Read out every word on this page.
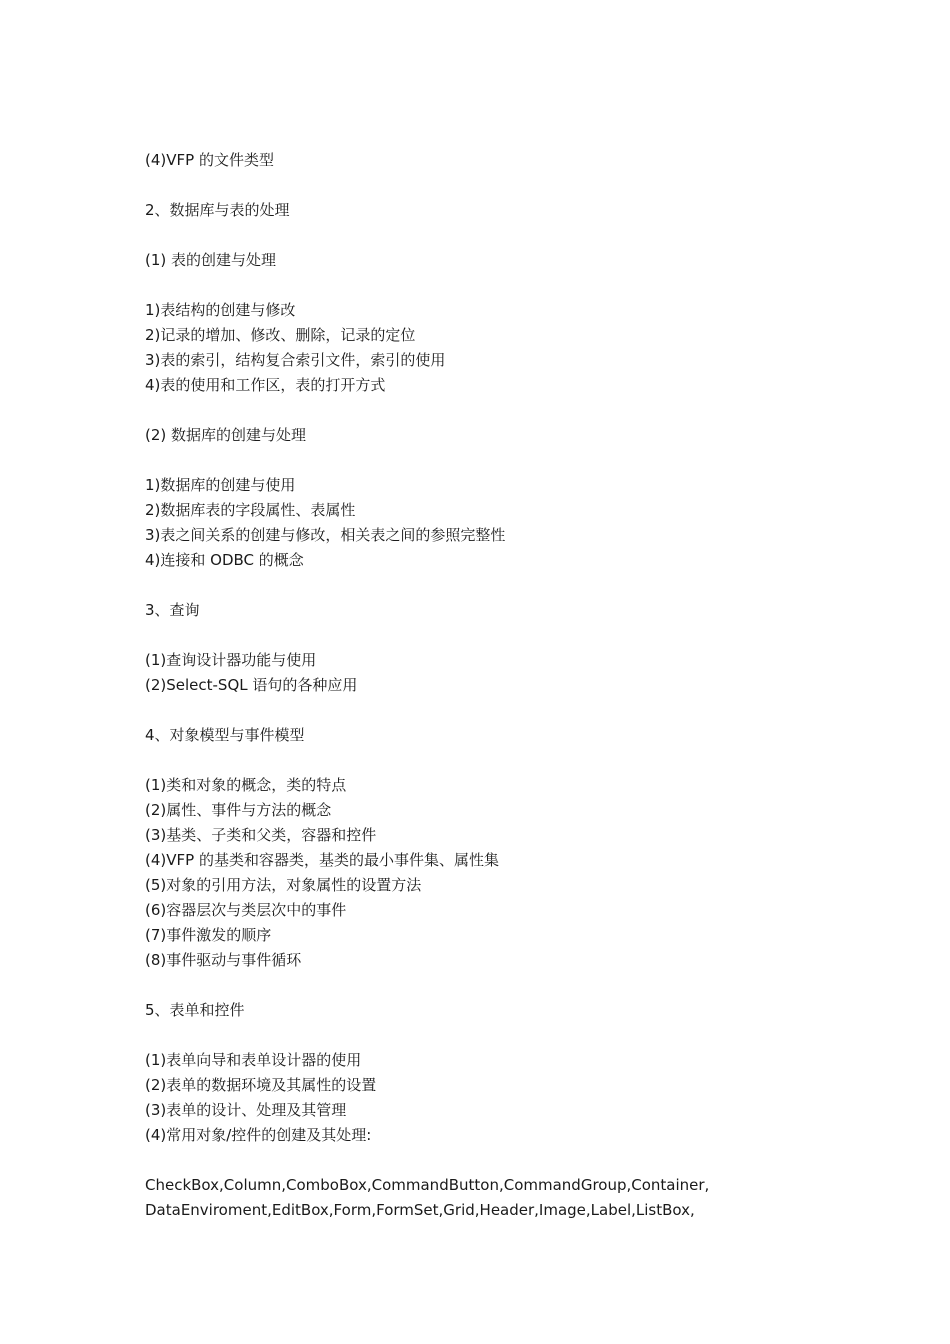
(4)VFP 的文件类型
2、数据库与表的处理
(1) 表的创建与处理
1)表结构的创建与修改
2)记录的增加、修改、删除，记录的定位
3)表的索引，结构复合索引文件，索引的使用
4)表的使用和工作区，表的打开方式
(2) 数据库的创建与处理
1)数据库的创建与使用
2)数据库表的字段属性、表属性
3)表之间关系的创建与修改，相关表之间的参照完整性
4)连接和 ODBC 的概念
3、查询
(1)查询设计器功能与使用
(2)Select-SQL 语句的各种应用
4、对象模型与事件模型
(1)类和对象的概念，类的特点
(2)属性、事件与方法的概念
(3)基类、子类和父类，容器和控件
(4)VFP 的基类和容器类，基类的最小事件集、属性集
(5)对象的引用方法，对象属性的设置方法
(6)容器层次与类层次中的事件
(7)事件激发的顺序
(8)事件驱动与事件循环
5、表单和控件
(1)表单向导和表单设计器的使用
(2)表单的数据环境及其属性的设置
(3)表单的设计、处理及其管理
(4)常用对象/控件的创建及其处理:
CheckBox,Column,ComboBox,CommandButton,CommandGroup,Container,
DataEnviroment,EditBox,Form,FormSet,Grid,Header,Image,Label,ListBox,
